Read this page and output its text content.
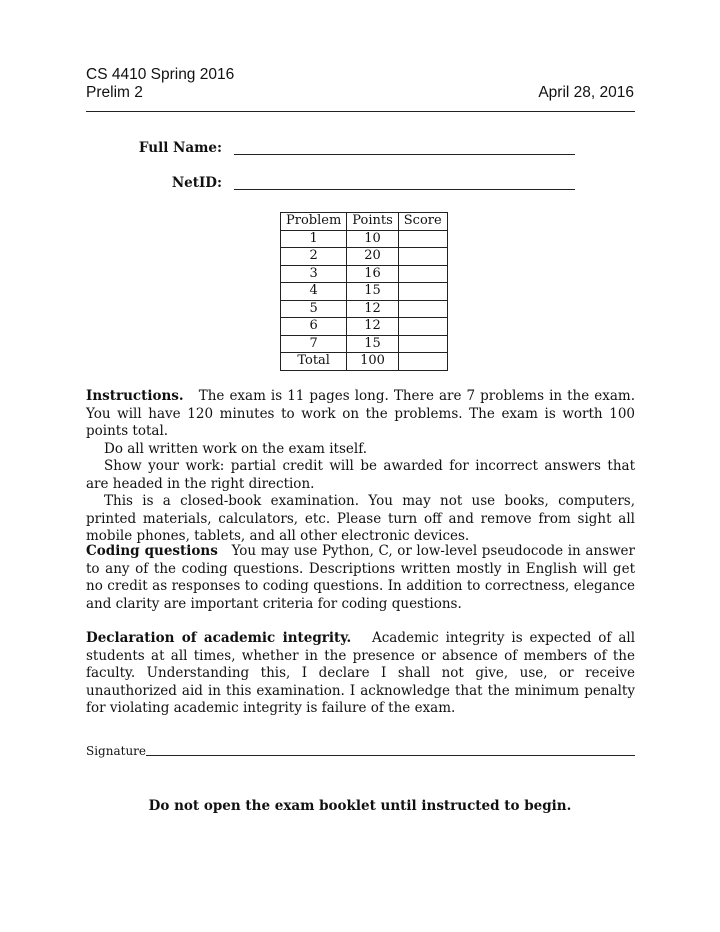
CS 4410 Spring 2016
Prelim 2	April 28, 2016
Full Name:
NetID:
Problem	Points	Score
1	10	
2	20	
3	16	
4	15	
5	12	
6	12	
7	15	
Total	100	

Instructions. The exam is 11 pages long. There are 7 problems in the exam. You will have 120 minutes to work on the problems. The exam is worth 100 points total.

Do all written work on the exam itself.

Show your work: partial credit will be awarded for incorrect answers that are headed in the right direction.

This is a closed-book examination. You may not use books, computers, printed materials, calculators, etc. Please turn off and remove from sight all mobile phones, tablets, and all other electronic devices.

Coding questions You may use Python, C, or low-level pseudocode in answer to any of the coding questions. Descriptions written mostly in English will get no credit as responses to coding questions. In addition to correctness, elegance and clarity are important criteria for coding questions.

Declaration of academic integrity. Academic integrity is expected of all students at all times, whether in the presence or absence of members of the faculty. Understanding this, I declare I shall not give, use, or receive unauthorized aid in this examination. I acknowledge that the minimum penalty for violating academic integrity is failure of the exam.

Signature
Do not open the exam booklet until instructed to begin.
